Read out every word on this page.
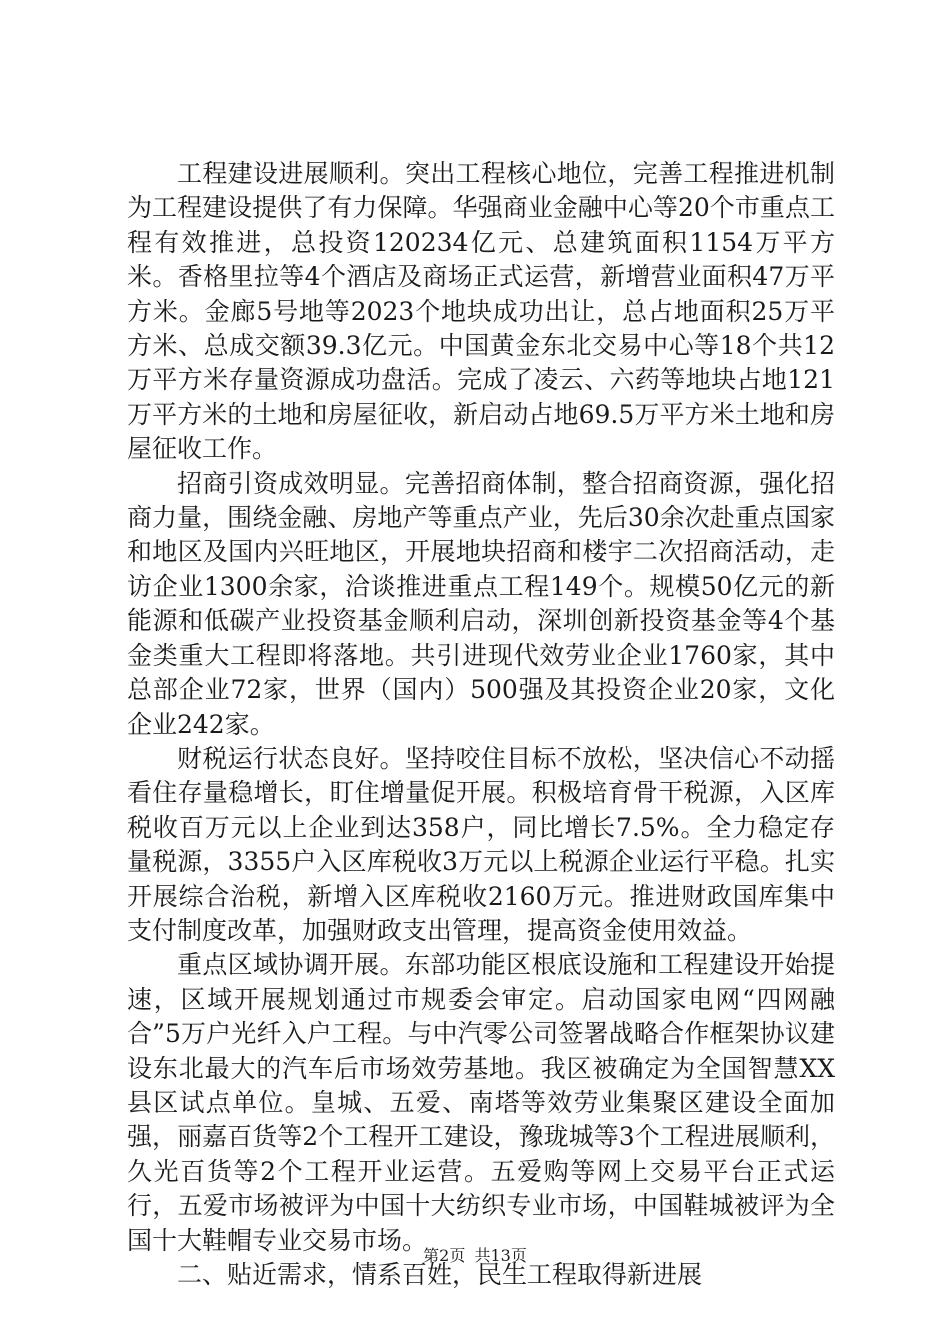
工程建设进展顺利。突出工程核心地位，完善工程推进机制为工程建设提供了有力保障。华强商业金融中心等20个市重点工程有效推进，总投资120234亿元、总建筑面积1154万平方米。香格里拉等4个酒店及商场正式运营，新增营业面积47万平方米。金廊5号地等2023个地块成功出让，总占地面积25万平方米、总成交额39.3亿元。中国黄金东北交易中心等18个共12万平方米存量资源成功盘活。完成了凌云、六药等地块占地121万平方米的土地和房屋征收，新启动占地69.5万平方米土地和房屋征收工作。

招商引资成效明显。完善招商体制，整合招商资源，强化招商力量，围绕金融、房地产等重点产业，先后30余次赴重点国家和地区及国内兴旺地区，开展地块招商和楼宇二次招商活动，走访企业1300余家，洽谈推进重点工程149个。规模50亿元的新能源和低碳产业投资基金顺利启动，深圳创新投资基金等4个基金类重大工程即将落地。共引进现代效劳业企业1760家，其中总部企业72家，世界（国内）500强及其投资企业20家，文化企业242家。

财税运行状态良好。坚持咬住目标不放松，坚决信心不动摇看住存量稳增长，盯住增量促开展。积极培育骨干税源，入区库税收百万元以上企业到达358户，同比增长7.5%。全力稳定存量税源，3355户入区库税收3万元以上税源企业运行平稳。扎实开展综合治税，新增入区库税收2160万元。推进财政国库集中支付制度改革，加强财政支出管理，提高资金使用效益。

重点区域协调开展。东部功能区根底设施和工程建设开始提速，区域开展规划通过市规委会审定。启动国家电网“四网融合”5万户光纤入户工程。与中汽零公司签署战略合作框架协议建设东北最大的汽车后市场效劳基地。我区被确定为全国智慧XX县区试点单位。皇城、五爱、南塔等效劳业集聚区建设全面加强，丽嘉百货等2个工程开工建设，豫珑城等3个工程进展顺利，久光百货等2个工程开业运营。五爱购等网上交易平台正式运行，五爱市场被评为中国十大纺织专业市场，中国鞋城被评为全国十大鞋帽专业交易市场。

二、贴近需求，情系百姓，民生工程取得新进展

第2页 共13页
